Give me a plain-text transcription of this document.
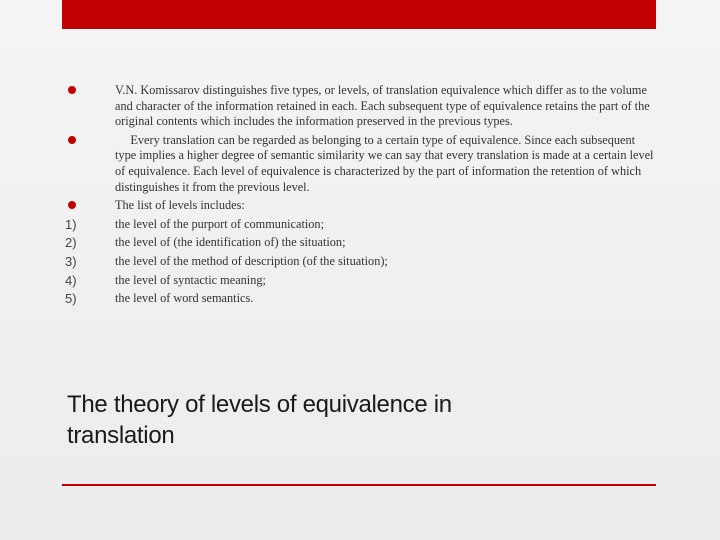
V.N. Komissarov distinguishes five types, or levels, of translation equivalence which differ as to the volume and character of the information retained in each. Each subsequent type of equivalence retains the part of the original contents which includes the information preserved in the previous types.

Every translation can be regarded as belonging to a certain type of equivalence. Since each subsequent type implies a higher degree of semantic similarity we can say that every translation is made at a certain level of equivalence. Each level of equivalence is characterized by the part of information the retention of which distinguishes it from the previous level.

The list of levels includes:

1)	the level of the purport of communication;

2)	the level of (the identification of) the situation;

3)	the level of the method of description (of the situation);

4)	the level of syntactic meaning;

5)	the level of word semantics.

The theory of levels of equivalence in
translation
